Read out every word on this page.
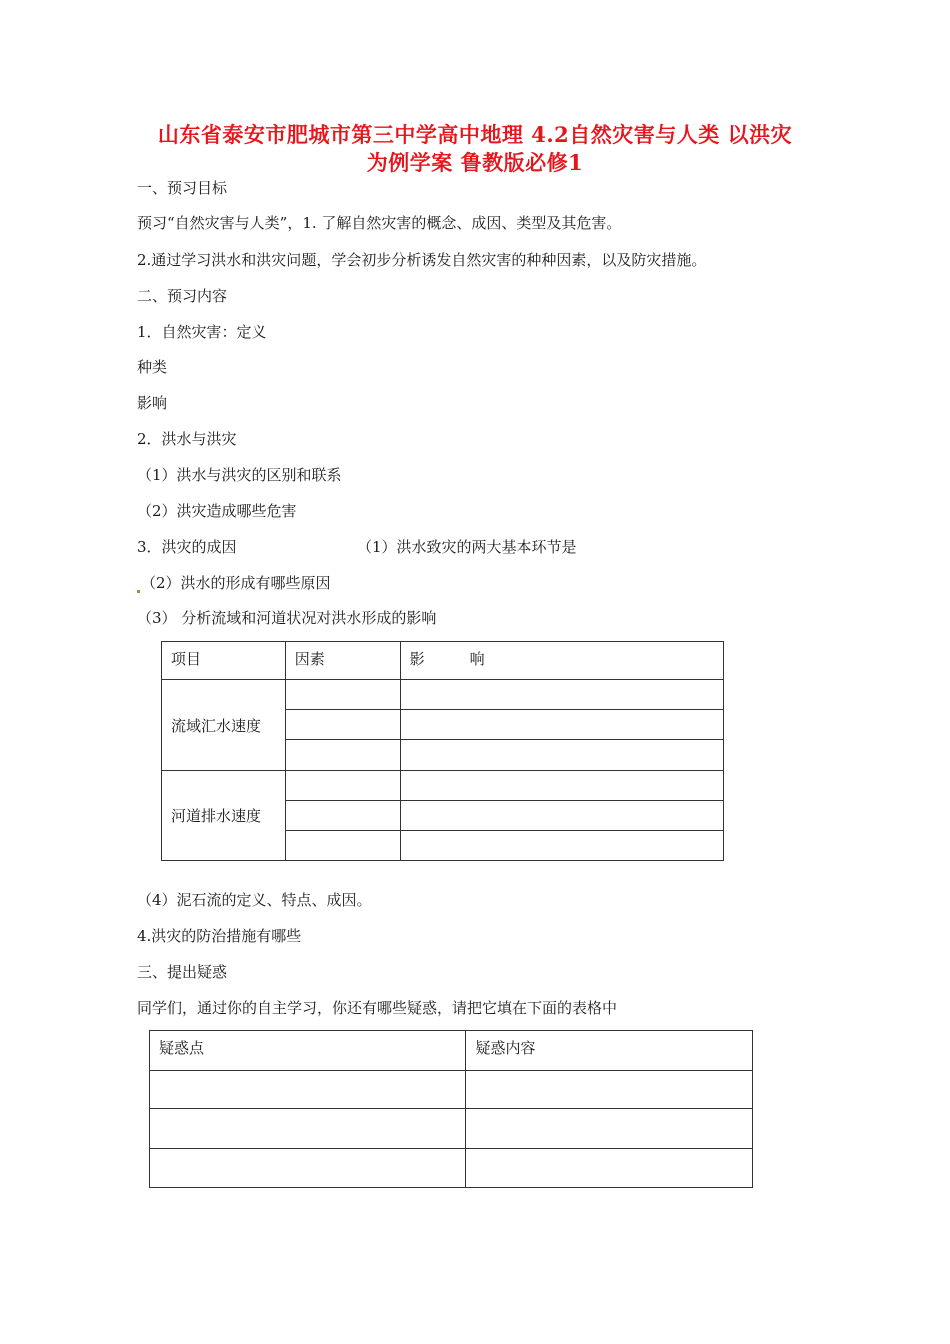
山东省泰安市肥城市第三中学高中地理 4.2自然灾害与人类 以洪灾
为例学案 鲁教版必修1
一、预习目标
预习“自然灾害与人类”，1. 了解自然灾害的概念、成因、类型及其危害。
2.通过学习洪水和洪灾问题，学会初步分析诱发自然灾害的种种因素，以及防灾措施。
二、预习内容
1．自然灾害：定义
种类
影响
2．洪水与洪灾
（1）洪水与洪灾的区别和联系
（2）洪灾造成哪些危害
3．洪灾的成因	（1）洪水致灾的两大基本环节是
（2）洪水的形成有哪些原因
（3） 分析流域和河道状况对洪水形成的影响
项目	因素	影　　　响
流域汇水速度		

河道排水速度		

（4）泥石流的定义、特点、成因。
4.洪灾的防治措施有哪些
三、提出疑惑
同学们，通过你的自主学习，你还有哪些疑惑，请把它填在下面的表格中
疑惑点	疑惑内容
